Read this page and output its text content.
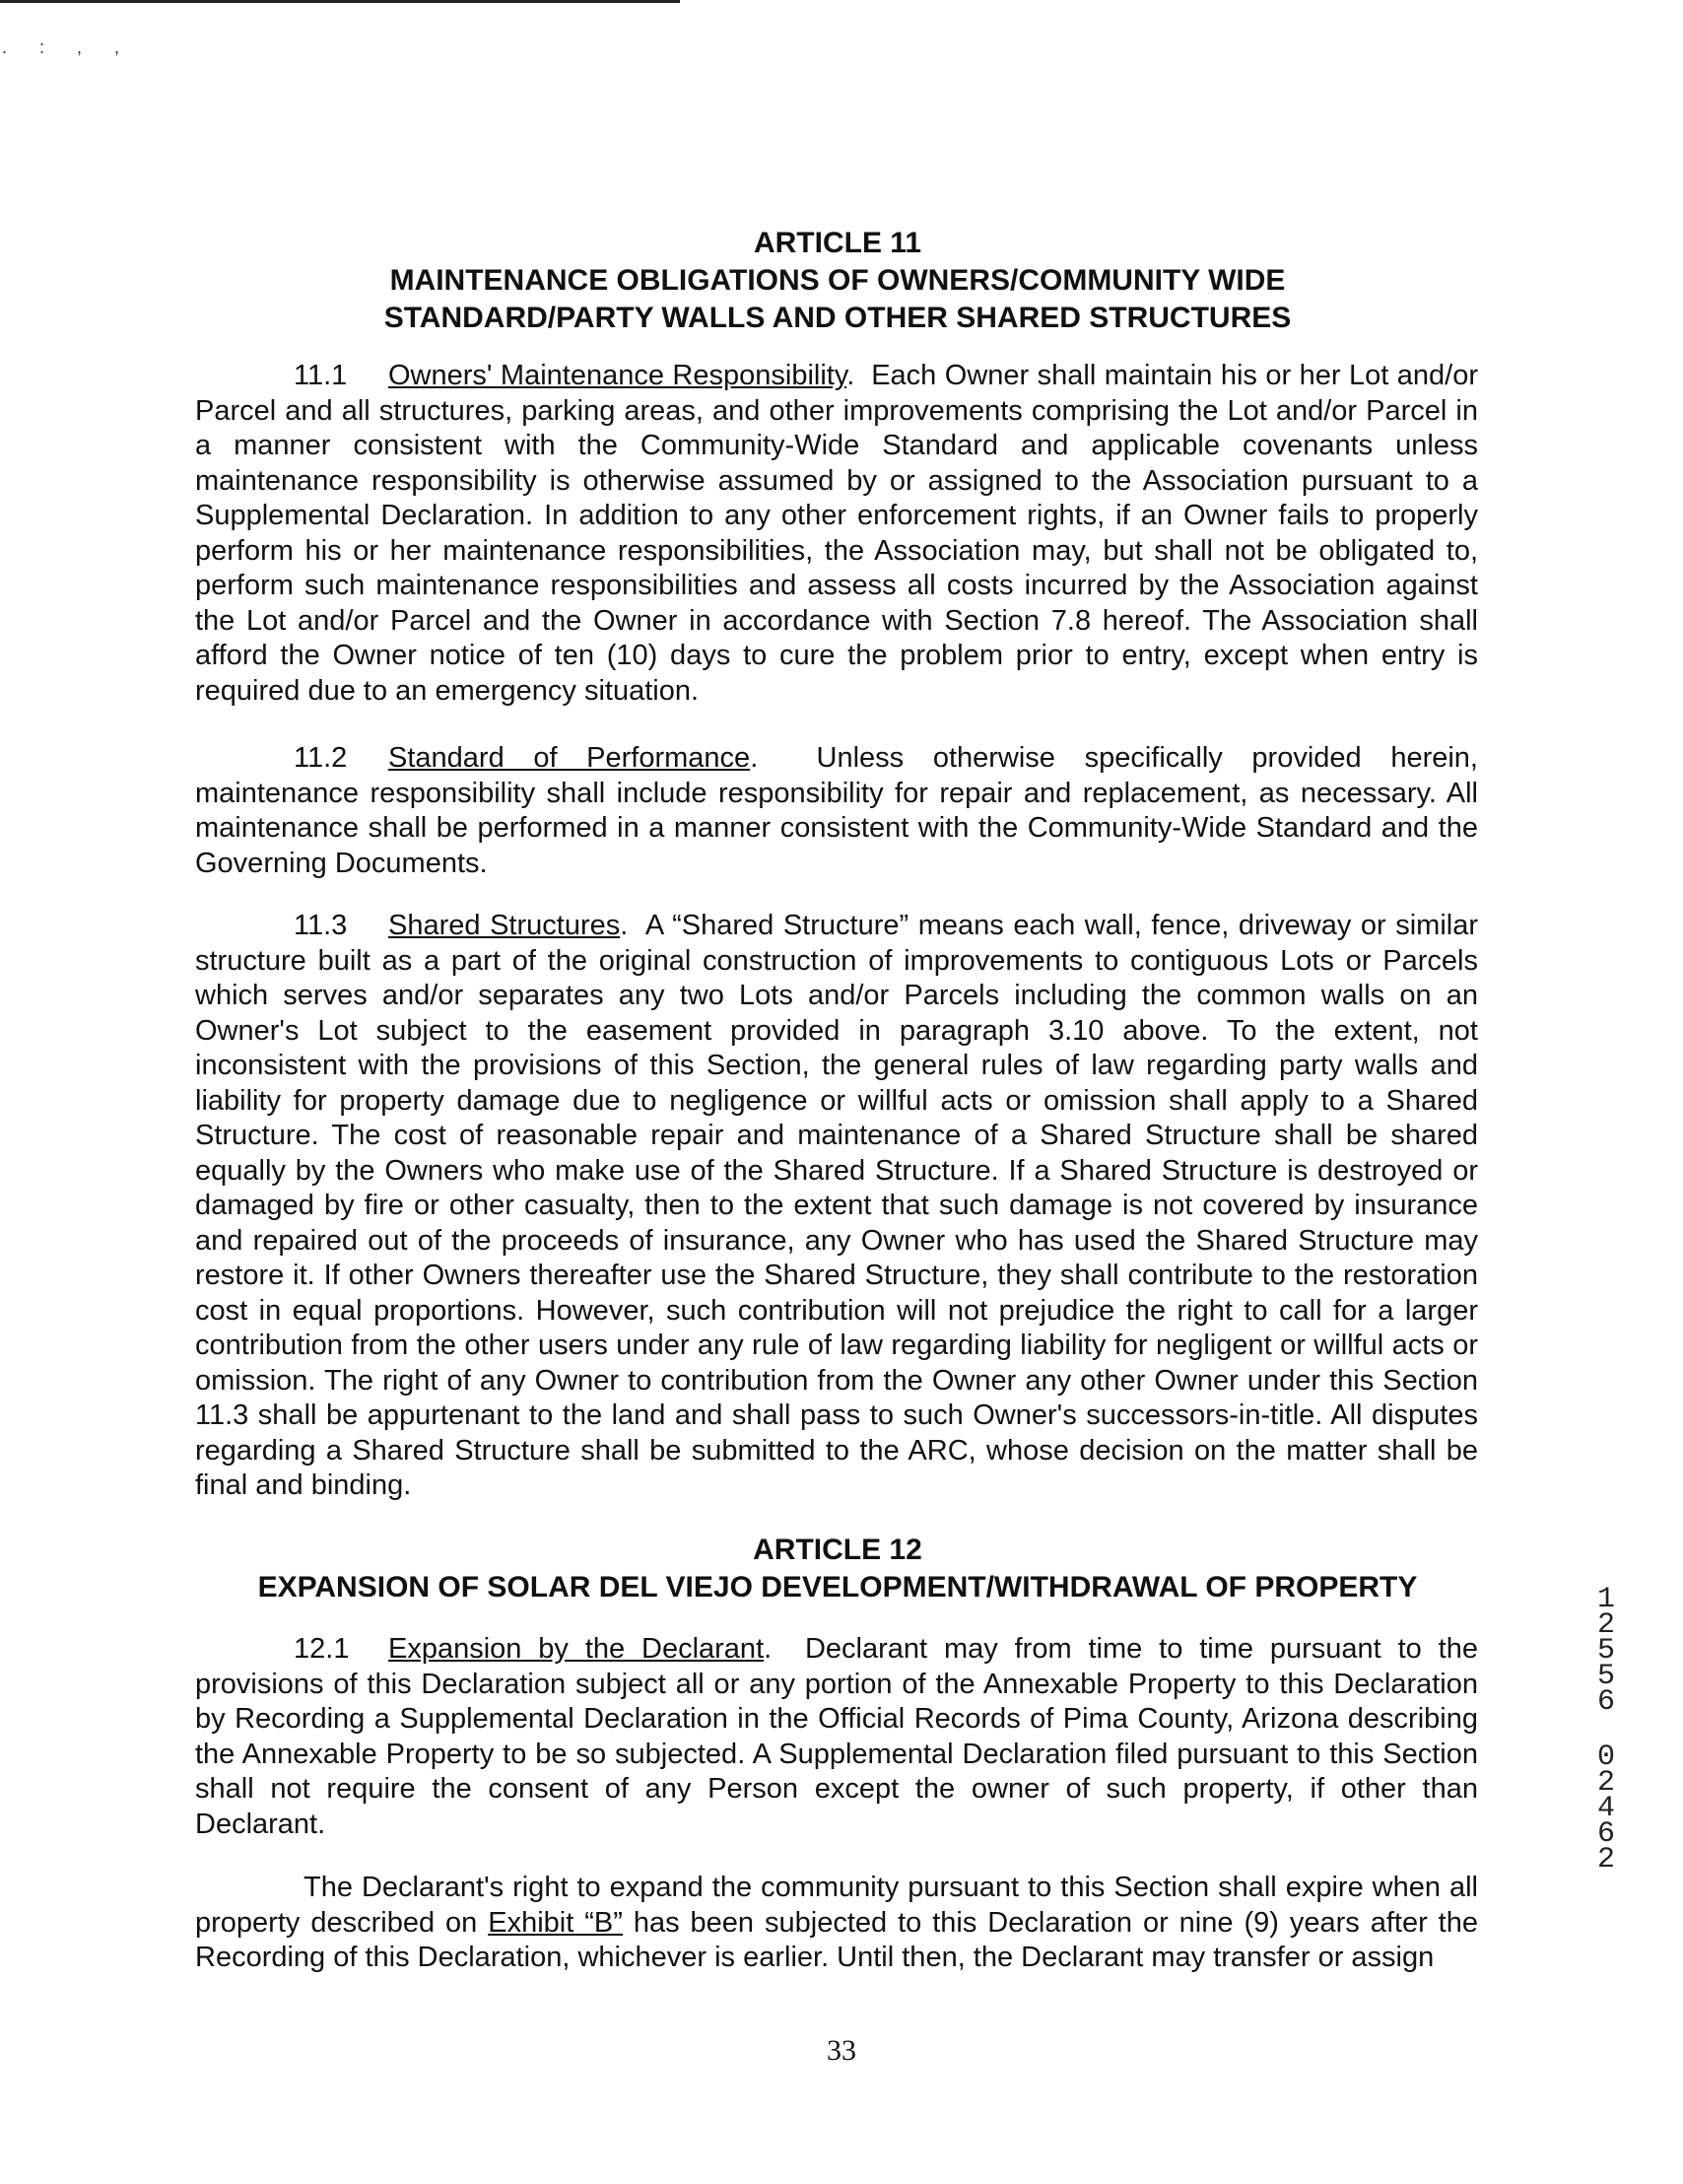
. : , ,
ARTICLE 11
MAINTENANCE OBLIGATIONS OF OWNERS/COMMUNITY WIDE
STANDARD/PARTY WALLS AND OTHER SHARED STRUCTURES

11.1 Owners' Maintenance Responsibility.  Each Owner shall maintain his or her Lot and/or Parcel and all structures, parking areas, and other improvements comprising the Lot and/or Parcel in a manner consistent with the Community-Wide Standard and applicable covenants unless maintenance responsibility is otherwise assumed by or assigned to the Association pursuant to a Supplemental Declaration. In addition to any other enforcement rights, if an Owner fails to properly perform his or her maintenance responsibilities, the Association may, but shall not be obligated to, perform such maintenance responsibilities and assess all costs incurred by the Association against the Lot and/or Parcel and the Owner in accordance with Section 7.8 hereof. The Association shall afford the Owner notice of ten (10) days to cure the problem prior to entry, except when entry is required due to an emergency situation.

11.2 Standard of Performance.  Unless otherwise specifically provided herein, maintenance responsibility shall include responsibility for repair and replacement, as necessary. All maintenance shall be performed in a manner consistent with the Community-Wide Standard and the Governing Documents.

11.3 Shared Structures.  A “Shared Structure” means each wall, fence, driveway or similar structure built as a part of the original construction of improvements to contiguous Lots or Parcels which serves and/or separates any two Lots and/or Parcels including the common walls on an Owner's Lot subject to the easement provided in paragraph 3.10 above. To the extent, not inconsistent with the provisions of this Section, the general rules of law regarding party walls and liability for property damage due to negligence or willful acts or omission shall apply to a Shared Structure. The cost of reasonable repair and maintenance of a Shared Structure shall be shared equally by the Owners who make use of the Shared Structure. If a Shared Structure is destroyed or damaged by fire or other casualty, then to the extent that such damage is not covered by insurance and repaired out of the proceeds of insurance, any Owner who has used the Shared Structure may restore it. If other Owners thereafter use the Shared Structure, they shall contribute to the restoration cost in equal proportions. However, such contribution will not prejudice the right to call for a larger contribution from the other users under any rule of law regarding liability for negligent or willful acts or omission. The right of any Owner to contribution from the Owner any other Owner under this Section 11.3 shall be appurtenant to the land and shall pass to such Owner's successors-in-title. All disputes regarding a Shared Structure shall be submitted to the ARC, whose decision on the matter shall be final and binding.

ARTICLE 12
EXPANSION OF SOLAR DEL VIEJO DEVELOPMENT/WITHDRAWAL OF PROPERTY

12.1 Expansion by the Declarant.  Declarant may from time to time pursuant to the provisions of this Declaration subject all or any portion of the Annexable Property to this Declaration by Recording a Supplemental Declaration in the Official Records of Pima County, Arizona describing the Annexable Property to be so subjected. A Supplemental Declaration filed pursuant to this Section shall not require the consent of any Person except the owner of such property, if other than Declarant.

The Declarant's right to expand the community pursuant to this Section shall expire when all property described on Exhibit “B” has been subjected to this Declaration or nine (9) years after the Recording of this Declaration, whichever is earlier. Until then, the Declarant may transfer or assign

33
1
2
5
5
6
0
2
4
6
2
